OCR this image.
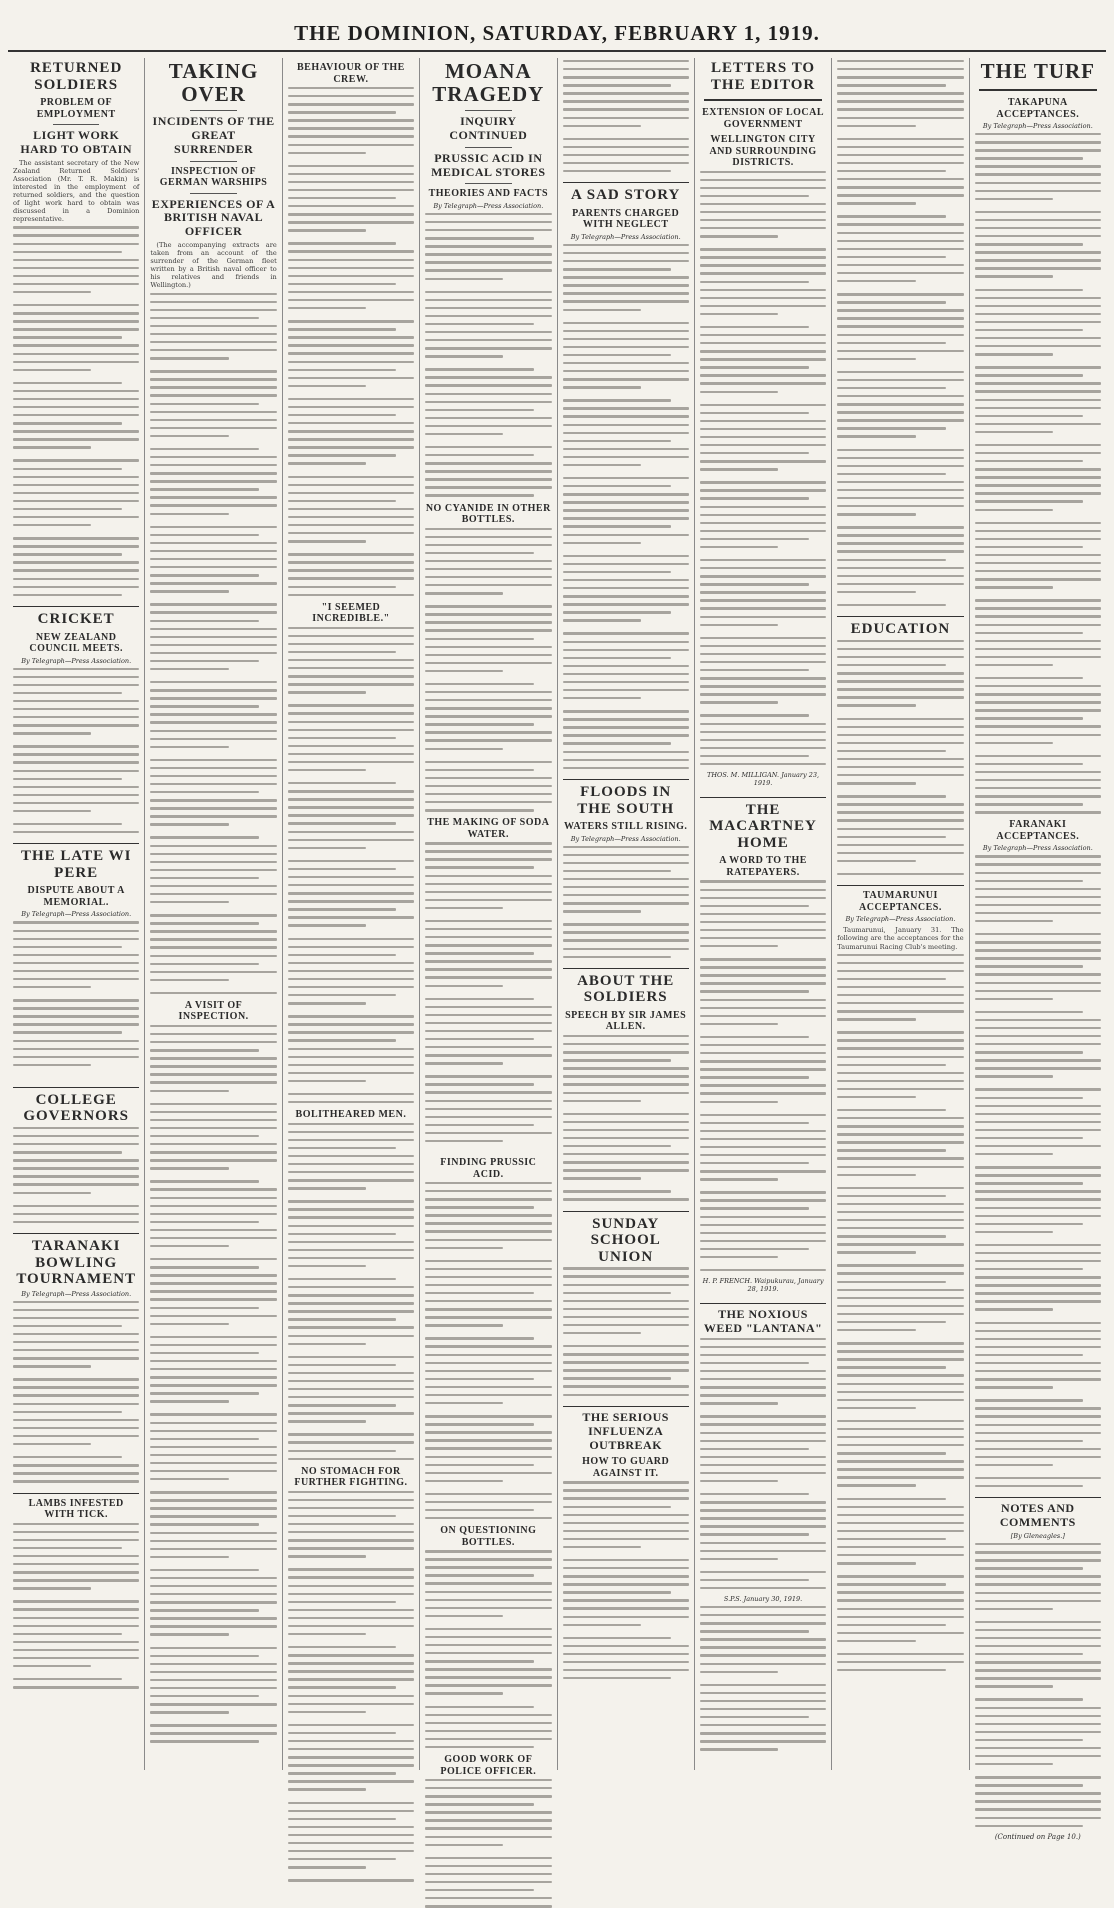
THE DOMINION, SATURDAY, FEBRUARY 1, 1919.
RETURNED SOLDIERS
PROBLEM OF EMPLOYMENT
LIGHT WORK HARD TO OBTAIN

The assistant secretary of the New Zealand Returned Soldiers' Association (Mr. T. R. Makin) is interested in the employment of returned soldiers, and the question of light work hard to obtain was discussed in a Dominion representative.

CRICKET
NEW ZEALAND COUNCIL MEETS.
By Telegraph—Press Association.
THE LATE WI PERE
DISPUTE ABOUT A MEMORIAL.
By Telegraph—Press Association.
COLLEGE GOVERNORS
TARANAKI BOWLING TOURNAMENT
By Telegraph—Press Association.
LAMBS INFESTED WITH TICK.
TAKING OVER
INCIDENTS OF THE GREAT SURRENDER
INSPECTION OF GERMAN WARSHIPS
EXPERIENCES OF A BRITISH NAVAL OFFICER

(The accompanying extracts are taken from an account of the surrender of the German fleet written by a British naval officer to his relatives and friends in Wellington.)

A VISIT OF INSPECTION.
BEHAVIOUR OF THE CREW.
"I SEEMED INCREDIBLE."
BOLITHEARED MEN.
NO STOMACH FOR FURTHER FIGHTING.
MOANA TRAGEDY
INQUIRY CONTINUED
PRUSSIC ACID IN MEDICAL STORES
THEORIES AND FACTS
By Telegraph—Press Association.
NO CYANIDE IN OTHER BOTTLES.
THE MAKING OF SODA WATER.
FINDING PRUSSIC ACID.
ON QUESTIONING BOTTLES.
GOOD WORK OF POLICE OFFICER.
A SAD STORY
PARENTS CHARGED WITH NEGLECT
By Telegraph—Press Association.
FLOODS IN THE SOUTH
WATERS STILL RISING.
By Telegraph—Press Association.
ABOUT THE SOLDIERS
SPEECH BY SIR JAMES ALLEN.
SUNDAY SCHOOL UNION
THE SERIOUS INFLUENZA OUTBREAK
HOW TO GUARD AGAINST IT.
LETTERS TO THE EDITOR
EXTENSION OF LOCAL GOVERNMENT
WELLINGTON CITY AND SURROUNDING DISTRICTS.
THOS. M. MILLIGAN. January 23, 1919.
THE MACARTNEY HOME
A WORD TO THE RATEPAYERS.
H. P. FRENCH. Waipukurau, January 28, 1919.
THE NOXIOUS WEED "LANTANA"
S.P.S. January 30, 1919.
EDUCATION
TAUMARUNUI ACCEPTANCES.
By Telegraph—Press Association.

Taumarunui, January 31. The following are the acceptances for the Taumarunui Racing Club's meeting.

THE TURF
TAKAPUNA ACCEPTANCES.
By Telegraph—Press Association.
FARANAKI ACCEPTANCES.
By Telegraph—Press Association.
NOTES AND COMMENTS
[By Gleneagles.]
(Continued on Page 10.)
